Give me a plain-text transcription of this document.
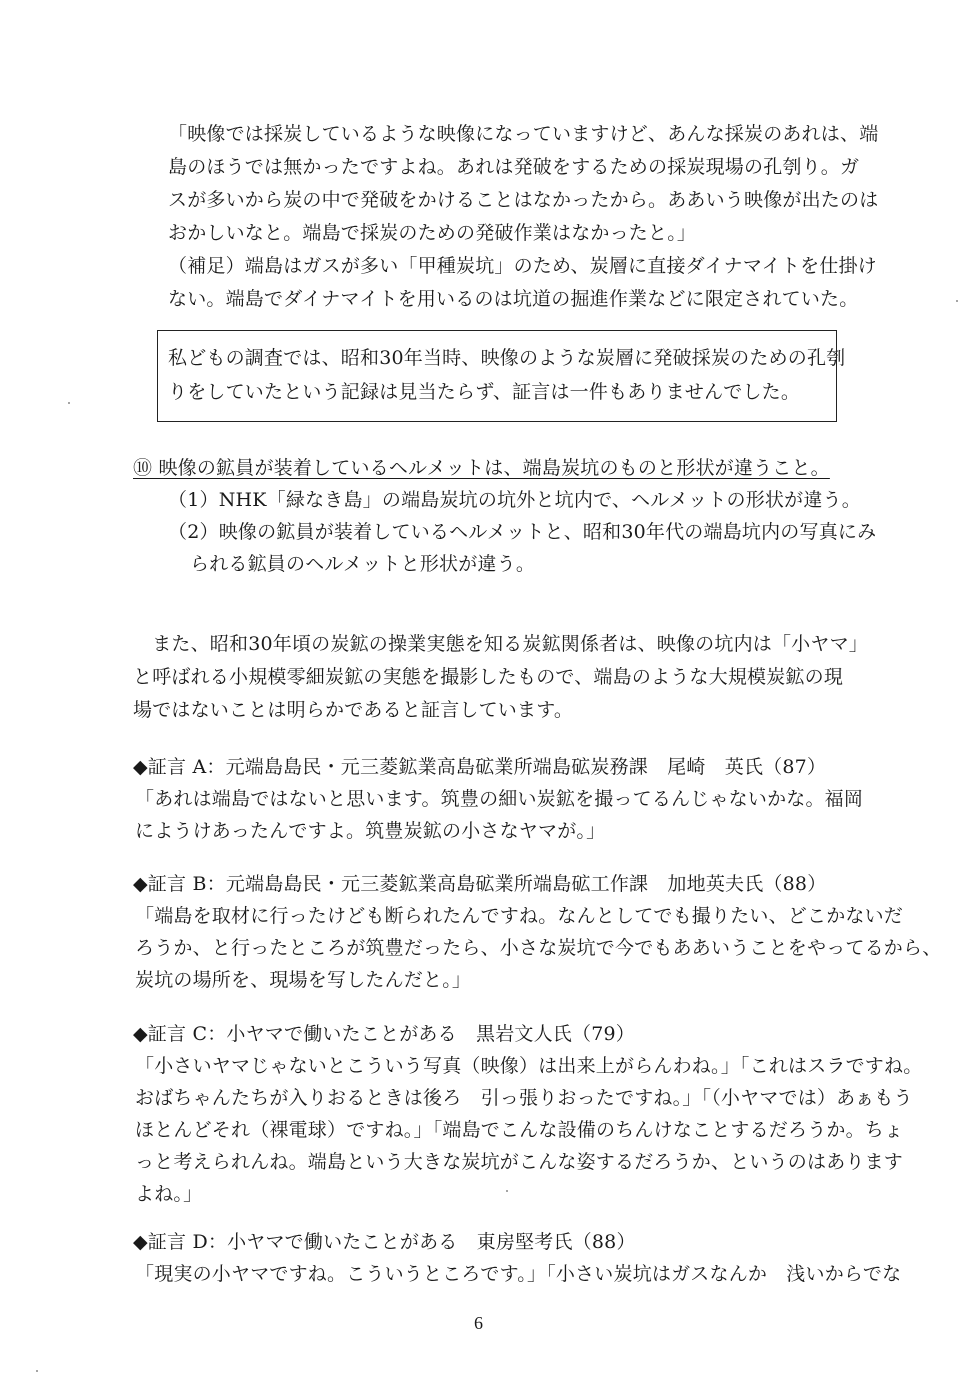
「映像では採炭しているような映像になっていますけど、あんな採炭のあれは、端
島のほうでは無かったですよね。あれは発破をするための採炭現場の孔刳り。ガ
スが多いから炭の中で発破をかけることはなかったから。ああいう映像が出たのは
おかしいなと。端島で採炭のための発破作業はなかったと。」
（補足）端島はガスが多い「甲種炭坑」のため、炭層に直接ダイナマイトを仕掛け
ない。端島でダイナマイトを用いるのは坑道の掘進作業などに限定されていた。
私どもの調査では、昭和30年当時、映像のような炭層に発破採炭のための孔刳
りをしていたという記録は見当たらず、証言は一件もありませんでした。
⑩ 映像の鉱員が装着しているヘルメットは、端島炭坑のものと形状が違うこと。
（1）NHK「緑なき島」の端島炭坑の坑外と坑内で、ヘルメットの形状が違う。
（2）映像の鉱員が装着しているヘルメットと、昭和30年代の端島坑内の写真にみ
られる鉱員のヘルメットと形状が違う。
　また、昭和30年頃の炭鉱の操業実態を知る炭鉱関係者は、映像の坑内は「小ヤマ」
と呼ばれる小規模零細炭鉱の実態を撮影したもので、端島のような大規模炭鉱の現
場ではないことは明らかであると証言しています。
◆証言 A：元端島島民・元三菱鉱業高島砿業所端島砿炭務課　尾崎　英氏（87）
「あれは端島ではないと思います。筑豊の細い炭鉱を撮ってるんじゃないかな。福岡
にようけあったんですよ。筑豊炭鉱の小さなヤマが。」
◆証言 B：元端島島民・元三菱鉱業高島砿業所端島砿工作課　加地英夫氏（88）
「端島を取材に行ったけども断られたんですね。なんとしてでも撮りたい、どこかないだ
ろうか、と行ったところが筑豊だったら、小さな炭坑で今でもああいうことをやってるから、
炭坑の場所を、現場を写したんだと。」
◆証言 C：小ヤマで働いたことがある　黒岩文人氏（79）
「小さいヤマじゃないとこういう写真（映像）は出来上がらんわね。」「これはスラですね。
おばちゃんたちが入りおるときは後ろ　引っ張りおったですね。」「（小ヤマでは）あぁもう
ほとんどそれ（裸電球）ですね。」「端島でこんな設備のちんけなことするだろうか。ちょ
っと考えられんね。端島という大きな炭坑がこんな姿するだろうか、というのはあります
よね。」
◆証言 D：小ヤマで働いたことがある　東房堅考氏（88）
「現実の小ヤマですね。こういうところです。」「小さい炭坑はガスなんか　浅いからでな
6
